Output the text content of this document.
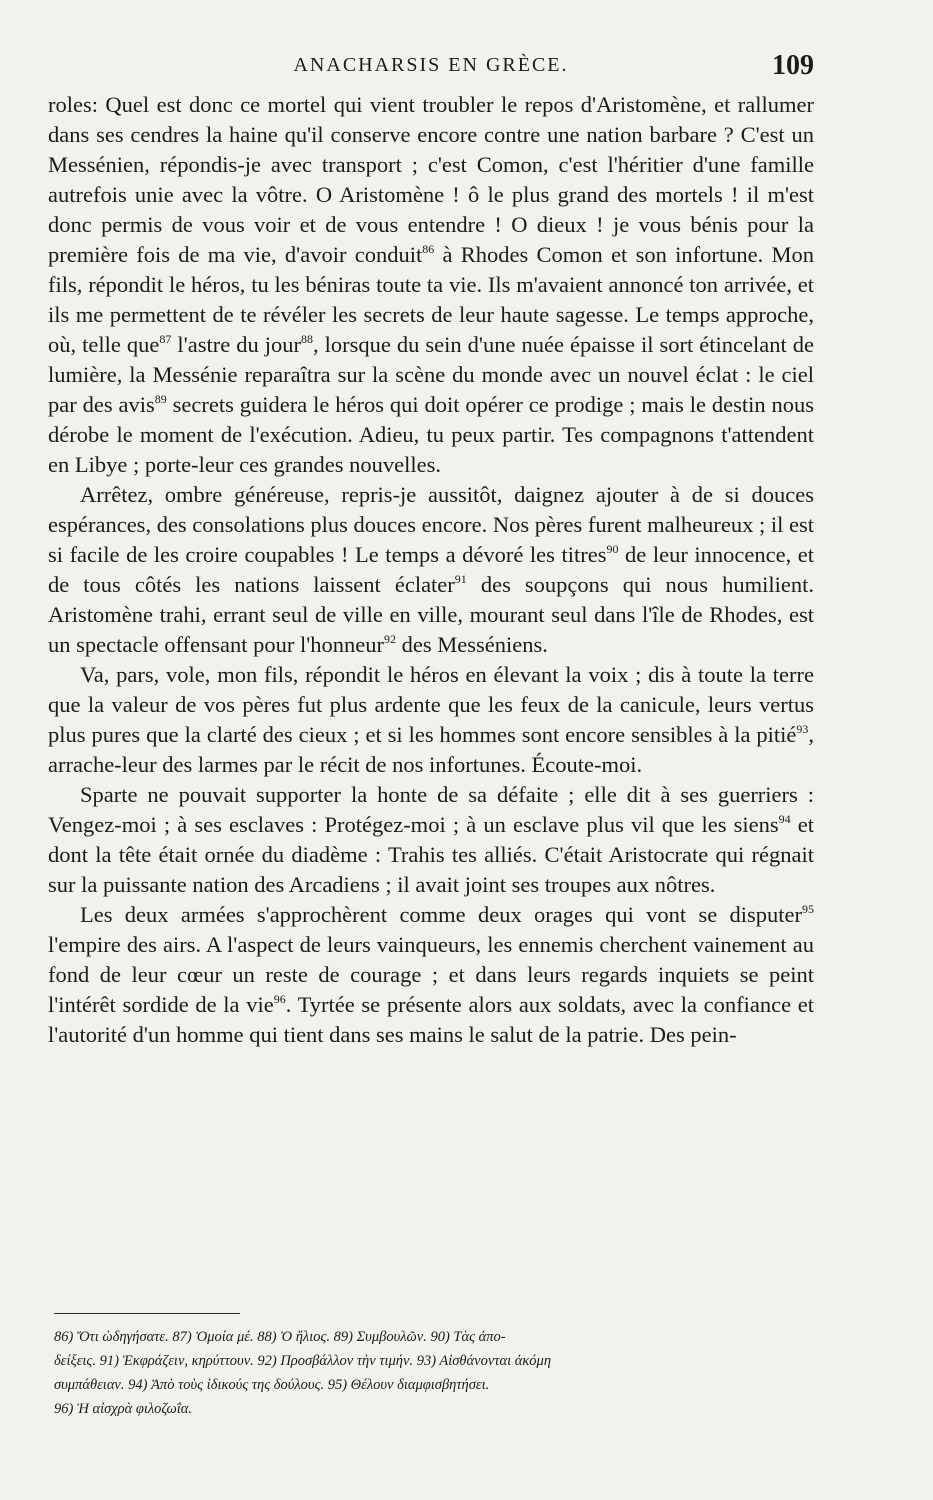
ANACHARSIS EN GRÈCE.	109

roles: Quel est donc ce mortel qui vient troubler le repos d'Aristomène, et rallumer dans ses cendres la haine qu'il conserve encore contre une nation barbare ? C'est un Messénien, répondis-je avec transport ; c'est Comon, c'est l'héritier d'une famille autrefois unie avec la vôtre. O Aristomène ! ô le plus grand des mortels ! il m'est donc permis de vous voir et de vous entendre ! O dieux ! je vous bénis pour la première fois de ma vie, d'avoir conduit$^{86}$ à Rhodes Comon et son infortune. Mon fils, répondit le héros, tu les béniras toute ta vie. Ils m'avaient annoncé ton arrivée, et ils me permettent de te révéler les secrets de leur haute sagesse. Le temps approche, où, telle que$^{87}$ l'astre du jour$^{88}$, lorsque du sein d'une nuée épaisse il sort étincelant de lumière, la Messénie reparaîtra sur la scène du monde avec un nouvel éclat : le ciel par des avis$^{89}$ secrets guidera le héros qui doit opérer ce prodige ; mais le destin nous dérobe le moment de l'exécution. Adieu, tu peux partir. Tes compagnons t'attendent en Libye ; porte-leur ces grandes nouvelles.

Arrêtez, ombre généreuse, repris-je aussitôt, daignez ajouter à de si douces espérances, des consolations plus douces encore. Nos pères furent malheureux ; il est si facile de les croire coupables ! Le temps a dévoré les titres$^{90}$ de leur innocence, et de tous côtés les nations laissent éclater$^{91}$ des soupçons qui nous humilient. Aristomène trahi, errant seul de ville en ville, mourant seul dans l'île de Rhodes, est un spectacle offensant pour l'honneur$^{92}$ des Messéniens.

Va, pars, vole, mon fils, répondit le héros en élevant la voix ; dis à toute la terre que la valeur de vos pères fut plus ardente que les feux de la canicule, leurs vertus plus pures que la clarté des cieux ; et si les hommes sont encore sensibles à la pitié$^{93}$, arrache-leur des larmes par le récit de nos infortunes. Écoute-moi.

Sparte ne pouvait supporter la honte de sa défaite ; elle dit à ses guerriers : Vengez-moi ; à ses esclaves : Protégez-moi ; à un esclave plus vil que les siens$^{94}$ et dont la tête était ornée du diadème : Trahis tes alliés. C'était Aristocrate qui régnait sur la puissante nation des Arcadiens ; il avait joint ses troupes aux nôtres.

Les deux armées s'approchèrent comme deux orages qui vont se disputer$^{95}$ l'empire des airs. A l'aspect de leurs vainqueurs, les ennemis cherchent vainement au fond de leur cœur un reste de courage ; et dans leurs regards inquiets se peint l'intérêt sordide de la vie$^{96}$. Tyrtée se présente alors aux soldats, avec la confiance et l'autorité d'un homme qui tient dans ses mains le salut de la patrie. Des pein-

86) Ὅτι ὡδηγήσατε. 87) Ὁμοία μέ. 88) Ὁ ἥλιος. 89) Συμβουλῶν. 90) Τὰς ἀπο-
δείξεις. 91) Ἐκφράζειν, κηρύττουν. 92) Προσβάλλον τὴν τιμήν. 93) Αἰσθάνονται ἀκόμη
συμπάθειαν. 94) Ἀπὸ τοὺς ἰδικούς της δούλους. 95) Θέλουν διαμφισβητήσει.
96) Ἡ αἰσχρὰ φιλοζωΐα.
